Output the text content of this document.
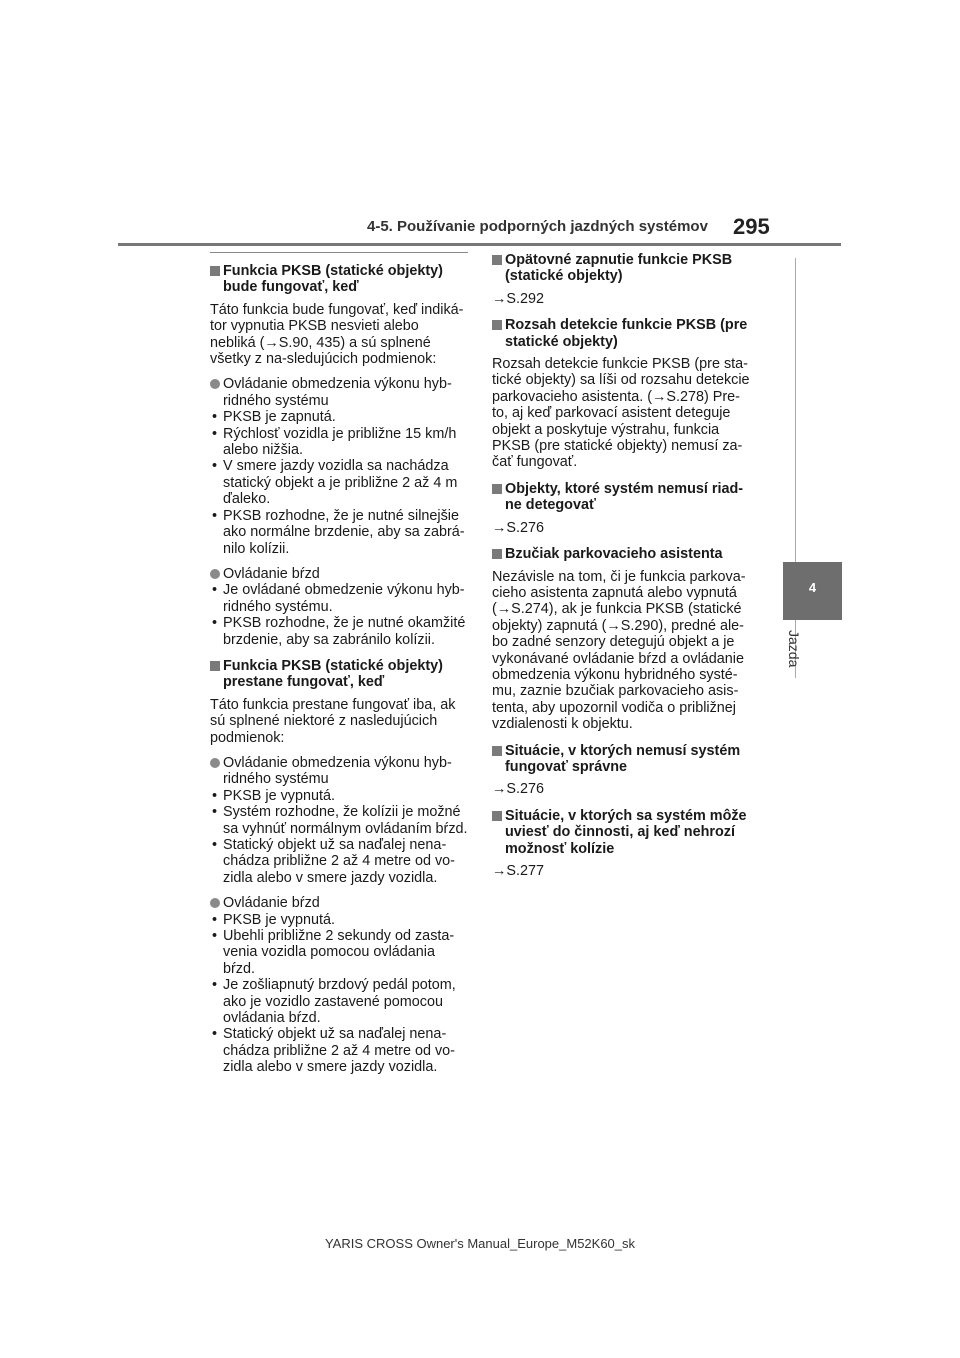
4-5. Používanie podporných jazdných systémov 295
4
Jazda
Funkcia PKSB (statické objekty) bude fungovať, keď
Táto funkcia bude fungovať, keď indiká-tor vypnutia PKSB nesvieti alebo nebliká (→S.90, 435) a sú splnené všetky z na-sledujúcich podmienok:
Ovládanie obmedzenia výkonu hyb-ridného systému
• PKSB je zapnutá.
• Rýchlosť vozidla je približne 15 km/h alebo nižšia.
• V smere jazdy vozidla sa nachádza statický objekt a je približne 2 až 4 m ďaleko.
• PKSB rozhodne, že je nutné silnejšie ako normálne brzdenie, aby sa zabrá-nilo kolízii.
Ovládanie bŕzd
• Je ovládané obmedzenie výkonu hyb-ridného systému.
• PKSB rozhodne, že je nutné okamžité brzdenie, aby sa zabránilo kolízii.
Funkcia PKSB (statické objekty) prestane fungovať, keď
Táto funkcia prestane fungovať iba, ak sú splnené niektoré z nasledujúcich podmienok:
Ovládanie obmedzenia výkonu hyb-ridného systému
• PKSB je vypnutá.
• Systém rozhodne, že kolízii je možné sa vyhnúť normálnym ovládaním bŕzd.
• Statický objekt už sa naďalej nena-chádza približne 2 až 4 metre od vo-zidla alebo v smere jazdy vozidla.
Ovládanie bŕzd
• PKSB je vypnutá.
• Ubehli približne 2 sekundy od zasta-venia vozidla pomocou ovládania bŕzd.
• Je zošliapnutý brzdový pedál potom, ako je vozidlo zastavené pomocou ovládania bŕzd.
• Statický objekt už sa naďalej nena-chádza približne 2 až 4 metre od vo-zidla alebo v smere jazdy vozidla.
Opätovné zapnutie funkcie PKSB (statické objekty)
→S.292
Rozsah detekcie funkcie PKSB (pre statické objekty)
Rozsah detekcie funkcie PKSB (pre sta-tické objekty) sa líši od rozsahu detekcie parkovacieho asistenta. (→S.278) Pre-to, aj keď parkovací asistent deteguje objekt a poskytuje výstrahu, funkcia PKSB (pre statické objekty) nemusí za-čať fungovať.
Objekty, ktoré systém nemusí riad-ne detegovať
→S.276
Bzučiak parkovacieho asistenta
Nezávisle na tom, či je funkcia parkova-cieho asistenta zapnutá alebo vypnutá (→S.274), ak je funkcia PKSB (statické objekty) zapnutá (→S.290), predné ale-bo zadné senzory detegujú objekt a je vykonávané ovládanie bŕzd a ovládanie obmedzenia výkonu hybridného systé-mu, zaznie bzučiak parkovacieho asis-tenta, aby upozornil vodiča o približnej vzdialenosti k objektu.
Situácie, v ktorých nemusí systém fungovať správne
→S.276
Situácie, v ktorých sa systém môže uviesť do činnosti, aj keď nehrozí možnosť kolízie
→S.277
YARIS CROSS Owner's Manual_Europe_M52K60_sk
